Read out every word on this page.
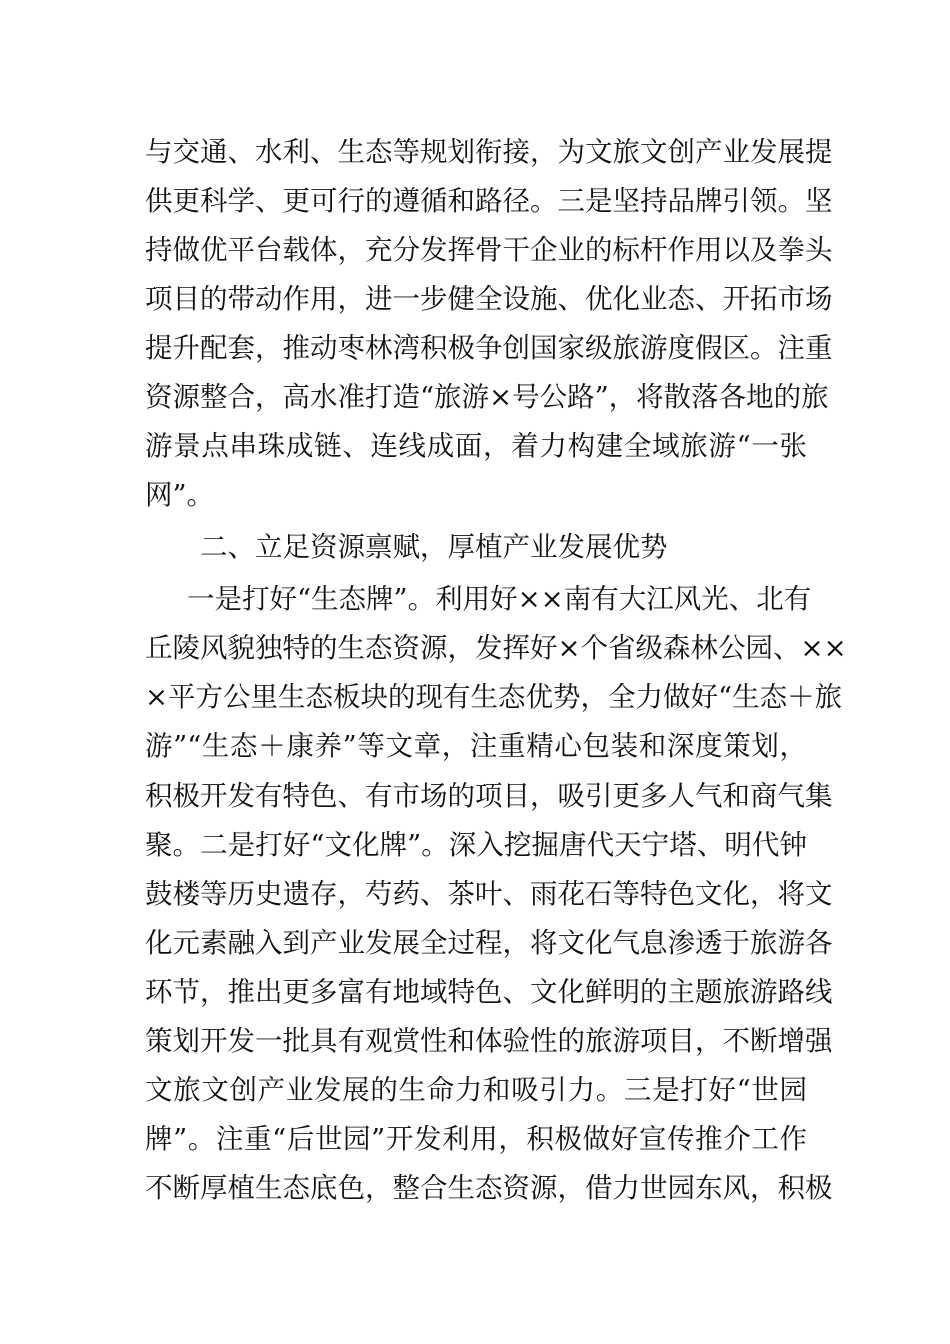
与交通、水利、生态等规划衔接，为文旅文创产业发展提
供更科学、更可行的遵循和路径。三是坚持品牌引领。坚
持做优平台载体，充分发挥骨干企业的标杆作用以及拳头
项目的带动作用，进一步健全设施、优化业态、开拓市场
提升配套，推动枣林湾积极争创国家级旅游度假区。注重
资源整合，高水准打造“旅游×号公路”，将散落各地的旅
游景点串珠成链、连线成面，着力构建全域旅游“一张
网”。
二、立足资源禀赋，厚植产业发展优势
一是打好“生态牌”。利用好××南有大江风光、北有
丘陵风貌独特的生态资源，发挥好×个省级森林公园、××
×平方公里生态板块的现有生态优势，全力做好“生态＋旅
游”“生态＋康养”等文章，注重精心包装和深度策划，
积极开发有特色、有市场的项目，吸引更多人气和商气集
聚。二是打好“文化牌”。深入挖掘唐代天宁塔、明代钟
鼓楼等历史遗存，芍药、茶叶、雨花石等特色文化，将文
化元素融入到产业发展全过程，将文化气息渗透于旅游各
环节，推出更多富有地域特色、文化鲜明的主题旅游路线
策划开发一批具有观赏性和体验性的旅游项目，不断增强
文旅文创产业发展的生命力和吸引力。三是打好“世园
牌”。注重“后世园”开发利用，积极做好宣传推介工作
不断厚植生态底色，整合生态资源，借力世园东风，积极
